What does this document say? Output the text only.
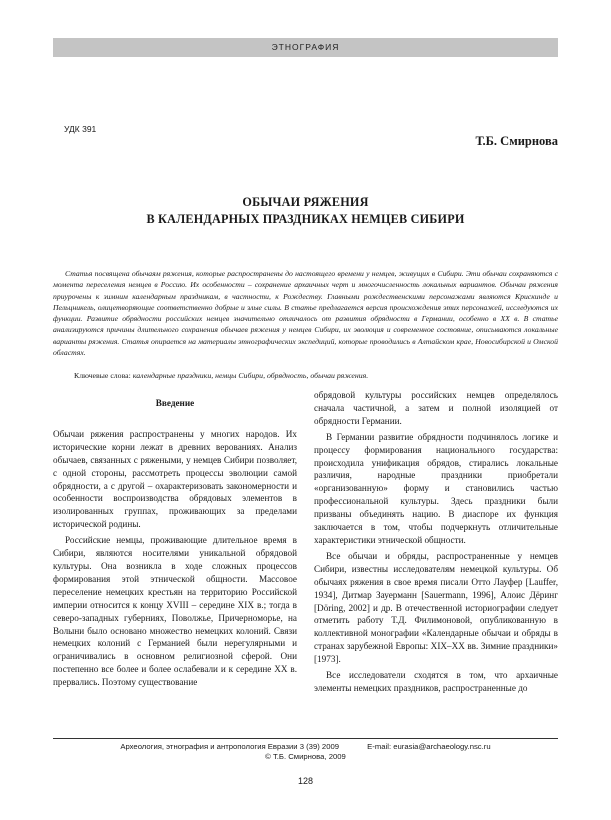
ЭТНОГРАФИЯ
УДК 391
Т.Б. Смирнова
ОБЫЧАИ РЯЖЕНИЯ
В КАЛЕНДАРНЫХ ПРАЗДНИКАХ НЕМЦЕВ СИБИРИ
Статья посвящена обычаям ряжения, которые распространены до настоящего времени у немцев, живущих в Сибири. Эти обычаи сохраняются с момента переселения немцев в Россию. Их особенности – сохранение архаичных черт и многочисленность локальных вариантов. Обычаи ряжения приурочены к зимним календарным праздникам, в частности, к Рождеству. Главными рождественскими персонажами являются Крискинде и Пельцникель, олицетворяющие соответственно добрые и злые силы. В статье предлагается версия происхождения этих персонажей, исследуются их функции. Развитие обрядности российских немцев значительно отличалось от развития обрядности в Германии, особенно в XX в. В статье анализируются причины длительного сохранения обычаев ряжения у немцев Сибири, их эволюция и современное состояние, описываются локальные варианты ряжения. Статья опирается на материалы этнографических экспедиций, которые проводились в Алтайском крае, Новосибирской и Омской областях.
Ключевые слова: календарные праздники, немцы Сибири, обрядность, обычаи ряжения.
Введение

Обычаи ряжения распространены у многих народов. Их исторические корни лежат в древних верованиях. Анализ обычаев, связанных с ряжеными, у немцев Сибири позволяет, с одной стороны, рассмотреть процессы эволюции самой обрядности, а с другой – охарактеризовать закономерности и особенности воспроизводства обрядовых элементов в изолированных группах, проживающих за пределами исторической родины.

Российские немцы, проживающие длительное время в Сибири, являются носителями уникальной обрядовой культуры. Она возникла в ходе сложных процессов формирования этой этнической общности. Массовое переселение немецких крестьян на территорию Российской империи относится к концу XVIII – середине XIX в.; тогда в северо-западных губерниях, Поволжье, Причерноморье, на Волыни было основано множество немецких колоний. Связи немецких колоний с Германией были нерегулярными и ограничивались в основном религиозной сферой. Они постепенно все более и более ослабевали и к середине XX в. прервались. Поэтому существование

обрядовой культуры российских немцев определялось сначала частичной, а затем и полной изоляцией от обрядности Германии.

В Германии развитие обрядности подчинялось логике и процессу формирования национального государства: происходила унификация обрядов, стирались локальные различия, народные праздники приобретали «организованную» форму и становились частью профессиональной культуры. Здесь праздники были призваны объединять нацию. В диаспоре их функция заключается в том, чтобы подчеркнуть отличительные характеристики этнической общности.

Все обычаи и обряды, распространенные у немцев Сибири, известны исследователям немецкой культуры. Об обычаях ряжения в свое время писали Отто Лауфер [Lauffer, 1934], Дитмар Зауерманн [Sauermann, 1996], Алоис Дёринг [Döring, 2002] и др. В отечественной историографии следует отметить работу Т.Д. Филимоновой, опубликованную в коллективной монографии «Календарные обычаи и обряды в странах зарубежной Европы: XIX–XX вв. Зимние праздники» [1973].

Все исследователи сходятся в том, что архаичные элементы немецких праздников, распространенные до

Археология, этнография и антропология Евразии 3 (39) 2009	E-mail: eurasia@archaeology.nsc.ru
© Т.Б. Смирнова, 2009
128
